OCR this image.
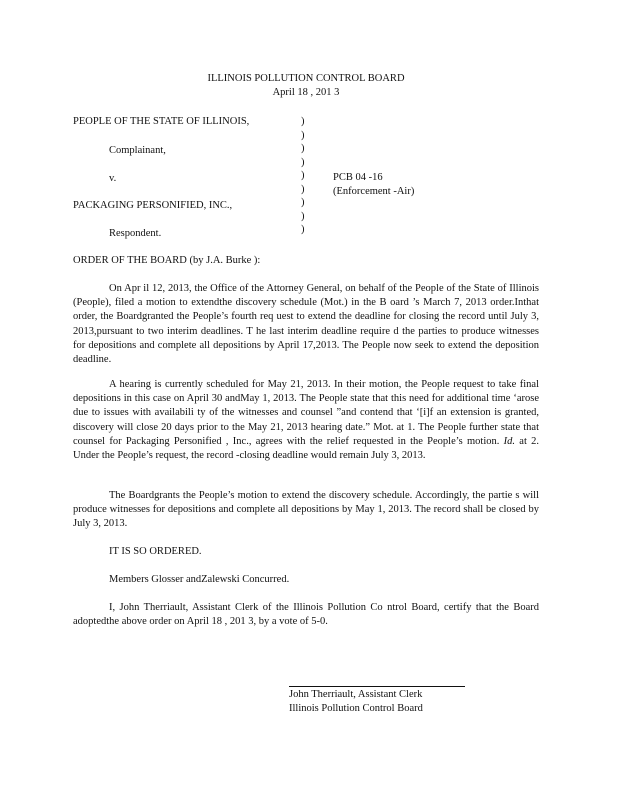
ILLINOIS POLLUTION CONTROL BOARD
April 18 , 201 3
PEOPLE OF THE STATE OF ILLINOIS,
Complainant,
v.
PACKAGING PERSONIFIED, INC.,
Respondent.
)
)
)
)
)
)
)
)
)
PCB 04 -16
(Enforcement -Air)
ORDER OF THE BOARD (by J.A. Burke ):

On Apr il 12, 2013, the Office of the Attorney General, on behalf of the People of the State of Illinois (People), filed a motion to extendthe discovery schedule (Mot.) in the B oard ’s March 7, 2013 order.Inthat order, the Boardgranted the People’s fourth req uest to extend the deadline for closing the record until July 3, 2013,pursuant to two interim deadlines. T he last interim deadline require d the parties to produce witnesses for depositions and complete all depositions by April 17,2013. The People now seek to extend the deposition deadline.

A hearing is currently scheduled for May 21, 2013. In their motion, the People request to take final depositions in this case on April 30 andMay 1, 2013. The People state that this need for additional time ‘arose due to issues with availabili ty of the witnesses and counsel ”and contend that ‘[i]f an extension is granted, discovery will close 20 days prior to the May 21, 2013 hearing date.” Mot. at 1. The People further state that counsel for Packaging Personified , Inc., agrees with the relief requested in the People’s motion. Id. at 2. Under the People’s request, the record -closing deadline would remain July 3, 2013.

The Boardgrants the People’s motion to extend the discovery schedule. Accordingly, the partie s will produce witnesses for depositions and complete all depositions by May 1, 2013. The record shall be closed by July 3, 2013.

IT IS SO ORDERED.
Members Glosser andZalewski Concurred.

I, John Therriault, Assistant Clerk of the Illinois Pollution Co ntrol Board, certify that the Board adoptedthe above order on April 18 , 201 3, by a vote of 5-0.

John Therriault, Assistant Clerk
Illinois Pollution Control Board
